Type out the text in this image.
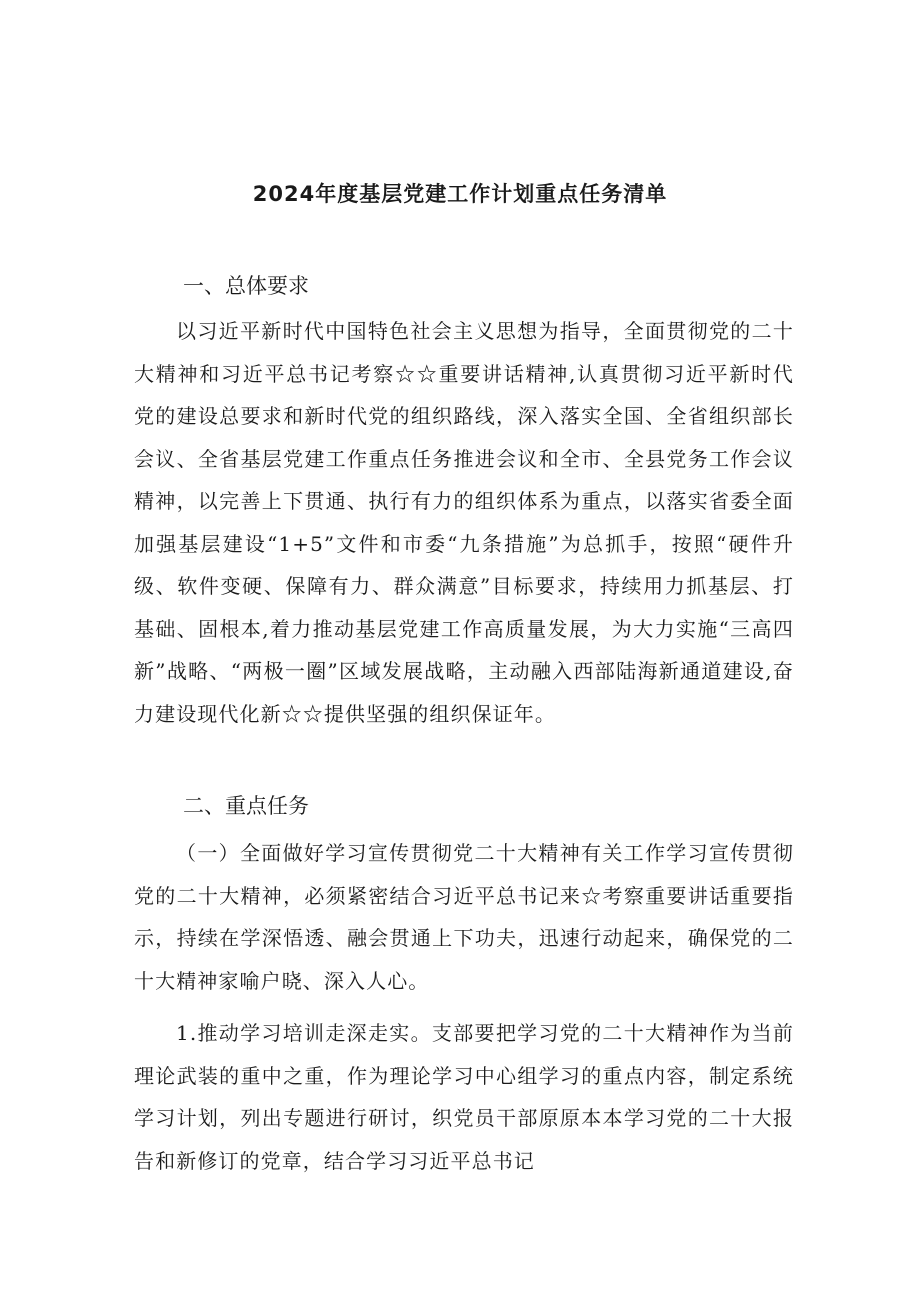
2024年度基层党建工作计划重点任务清单
一、总体要求

以习近平新时代中国特色社会主义思想为指导，全面贯彻党的二十大精神和习近平总书记考察☆☆重要讲话精神,认真贯彻习近平新时代党的建设总要求和新时代党的组织路线，深入落实全国、全省组织部长会议、全省基层党建工作重点任务推进会议和全市、全县党务工作会议精神，以完善上下贯通、执行有力的组织体系为重点，以落实省委全面加强基层建设“1+5”文件和市委“九条措施”为总抓手，按照“硬件升级、软件变硬、保障有力、群众满意”目标要求，持续用力抓基层、打基础、固根本,着力推动基层党建工作高质量发展，为大力实施“三高四新”战略、“两极一圈”区域发展战略，主动融入西部陆海新通道建设,奋力建设现代化新☆☆提供坚强的组织保证年。

二、重点任务

（一）全面做好学习宣传贯彻党二十大精神有关工作学习宣传贯彻党的二十大精神，必须紧密结合习近平总书记来☆考察重要讲话重要指示，持续在学深悟透、融会贯通上下功夫，迅速行动起来，确保党的二十大精神家喻户晓、深入人心。

1.推动学习培训走深走实。支部要把学习党的二十大精神作为当前理论武装的重中之重，作为理论学习中心组学习的重点内容，制定系统学习计划，列出专题进行研讨，织党员干部原原本本学习党的二十大报告和新修订的党章，结合学习习近平总书记
